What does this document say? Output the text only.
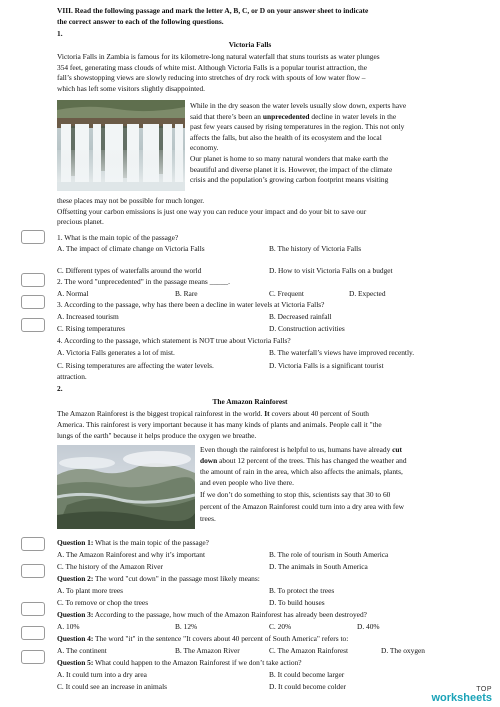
VIII. Read the following passage and mark the letter A, B, C, or D on your answer sheet to indicate
the correct answer to each of the following questions.
1.
Victoria Falls
Victoria Falls in Zambia is famous for its kilometre-long natural waterfall that stuns tourists as water plunges
354 feet, generating mass clouds of white mist. Although Victoria Falls is a popular tourist attraction, the
fall’s showstopping views are slowly reducing into stretches of dry rock with spouts of low water flow –
which has left some visitors slightly disappointed.
While in the dry season the water levels usually slow down, experts have
said that there’s been an unprecedented decline in water levels in the
past few years caused by rising temperatures in the region. This not only
affects the falls, but also the health of its ecosystem and the local
economy.
Our planet is home to so many natural wonders that make earth the
beautiful and diverse planet it is. However, the impact of the climate
crisis and the population’s growing carbon footprint means visiting
these places may not be possible for much longer.
Offsetting your carbon emissions is just one way you can reduce your impact and do your bit to save our
precious planet.
1. What is the main topic of the passage?
A. The impact of climate change on Victoria Falls	B. The history of Victoria Falls
C. Different types of waterfalls around the world	D. How to visit Victoria Falls on a budget
2. The word "unprecedented" in the passage means _____.
A. Normal	B. Rare	C. Frequent	D. Expected
3. According to the passage, why has there been a decline in water levels at Victoria Falls?
A. Increased tourism	B. Decreased rainfall
C. Rising temperatures	D. Construction activities
4. According to the passage, which statement is NOT true about Victoria Falls?
A. Victoria Falls generates a lot of mist.	B. The waterfall’s views have improved recently.
C. Rising temperatures are affecting the water levels.	D. Victoria Falls is a significant tourist
attraction.
2.
The Amazon Rainforest
The Amazon Rainforest is the biggest tropical rainforest in the world. It covers about 40 percent of South
America. This rainforest is very important because it has many kinds of plants and animals. People call it "the
lungs of the earth" because it helps produce the oxygen we breathe.
Even though the rainforest is helpful to us, humans have already cut
down about 12 percent of the trees. This has changed the weather and
the amount of rain in the area, which also affects the animals, plants,
and even people who live there.
If we don’t do something to stop this, scientists say that 30 to 60
percent of the Amazon Rainforest could turn into a dry area with few
trees.
Question 1: What is the main topic of the passage?
A. The Amazon Rainforest and why it’s important	B. The role of tourism in South America
C. The history of the Amazon River	D. The animals in South America
Question 2: The word "cut down" in the passage most likely means:
A. To plant more trees	B. To protect the trees
C. To remove or chop the trees	D. To build houses
Question 3: According to the passage, how much of the Amazon Rainforest has already been destroyed?
A. 10%	B. 12%	C. 20%	D. 40%
Question 4: The word "it" in the sentence "It covers about 40 percent of South America" refers to:
A. The continent	B. The Amazon River	C. The Amazon Rainforest	D. The oxygen
Question 5: What could happen to the Amazon Rainforest if we don’t take action?
A. It could turn into a dry area	B. It could become larger
C. It could see an increase in animals	D. It could become colder	TOP
worksheets
